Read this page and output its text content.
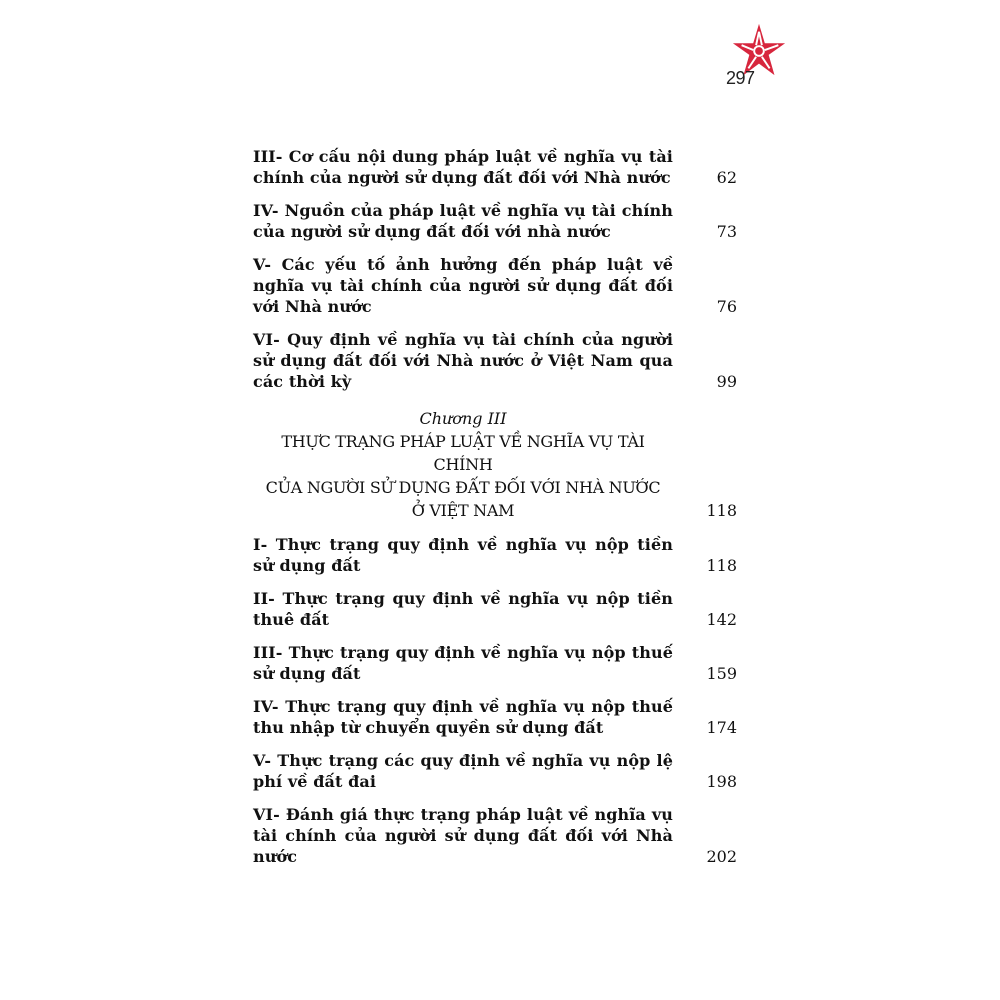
297
III- Cơ cấu nội dung pháp luật về nghĩa vụ tài chính của người sử dụng đất đối với Nhà nước	62
IV- Nguồn của pháp luật về nghĩa vụ tài chính của người sử dụng đất đối với nhà nước	73
V- Các yếu tố ảnh hưởng đến pháp luật về nghĩa vụ tài chính của người sử dụng đất đối với Nhà nước	76
VI- Quy định về nghĩa vụ tài chính của người sử dụng đất đối với Nhà nước ở Việt Nam qua các thời kỳ	99
Chương III
THỰC TRẠNG PHÁP LUẬT VỀ NGHĨA VỤ TÀI CHÍNH
CỦA NGƯỜI SỬ DỤNG ĐẤT ĐỐI VỚI NHÀ NƯỚC
Ở VIỆT NAM	118
I- Thực trạng quy định về nghĩa vụ nộp tiền sử dụng đất	118
II- Thực trạng quy định về nghĩa vụ nộp tiền thuê đất	142
III- Thực trạng quy định về nghĩa vụ nộp thuế sử dụng đất	159
IV- Thực trạng quy định về nghĩa vụ nộp thuế thu nhập từ chuyển quyền sử dụng đất	174
V- Thực trạng các quy định về nghĩa vụ nộp lệ phí về đất đai	198
VI- Đánh giá thực trạng pháp luật về nghĩa vụ tài chính của người sử dụng đất đối với Nhà nước	202
